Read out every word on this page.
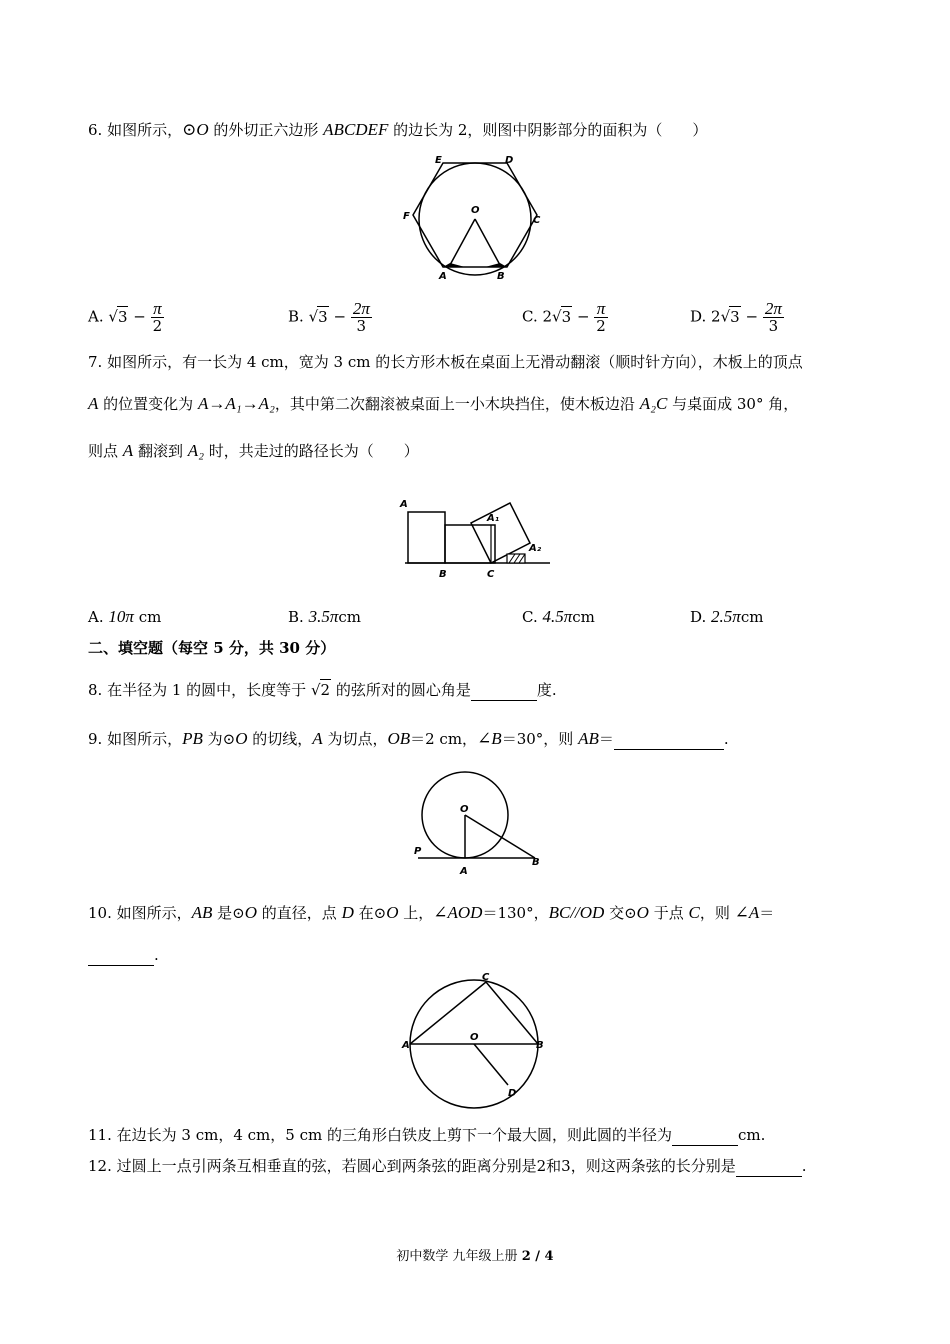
6. 如图所示，⊙O 的外切正六边形 ABCDEF 的边长为 2，则图中阴影部分的面积为（　　）
E	D
F	C
O
A	B
A. $√3 - \frac{\pi}{2}$	B. $√3 - \frac{2\pi}{3}$	C. $2√3 - \frac{\pi}{2}$	D. $2√3 - \frac{2\pi}{3}$
7. 如图所示，有一长为 4 cm，宽为 3 cm 的长方形木板在桌面上无滑动翻滚（顺时针方向），木板上的顶点
A 的位置变化为 A→A₁→A₂，其中第二次翻滚被桌面上一小木块挡住，使木板边沿 A₂C 与桌面成 30° 角，
则点 A 翻滚到 A₂ 时，共走过的路径长为（　　）
A
A₁
A₂
B	C
A. 10π cm	B. 3.5πcm	C. 4.5πcm	D. 2.5πcm
二、填空题（每空 5 分，共 30 分）
8. 在半径为 1 的圆中，长度等于 √2 的弦所对的圆心角是	度.
9. 如图所示，PB 为⊙O 的切线，A 为切点，OB＝2 cm，∠B＝30°，则 AB＝	.
O
P
A
B
10. 如图所示，AB 是⊙O 的直径，点 D 在⊙O 上，∠AOD＝130°，BC//OD 交⊙O 于点 C，则 ∠A＝
.
C
A
O
B
D
11. 在边长为 3 cm，4 cm，5 cm 的三角形白铁皮上剪下一个最大圆，则此圆的半径为	cm.
12. 过圆上一点引两条互相垂直的弦，若圆心到两条弦的距离分别是2和3，则这两条弦的长分别是	.
初中数学 九年级上册 2 / 4
